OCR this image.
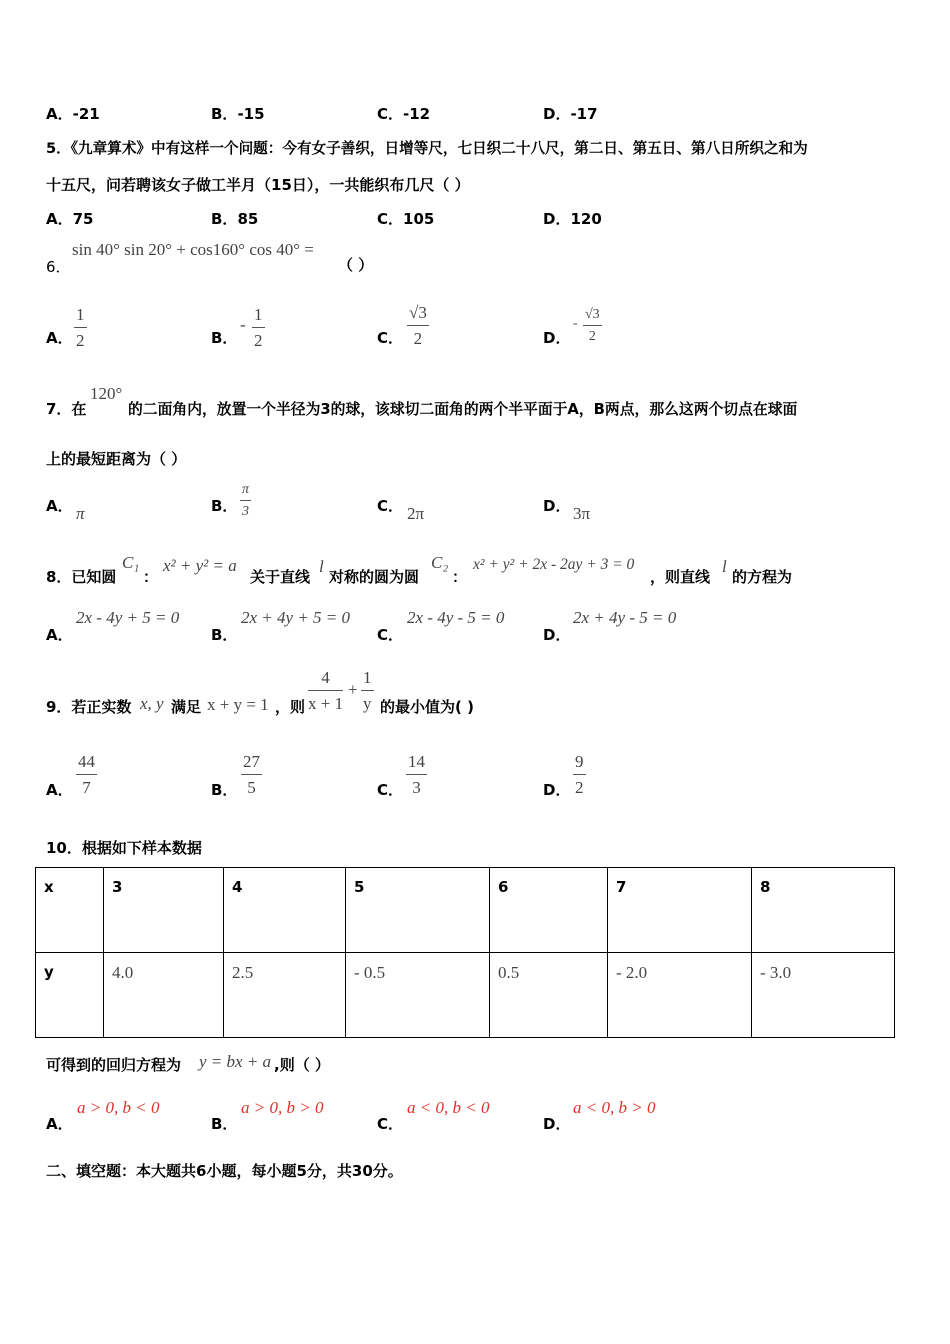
A．-21	B．-15	C．-12	D．-17
5．《九章算术》中有这样一个问题：今有女子善织，日增等尺，七日织二十八尺，第二日、第五日、第八日所织之和为
十五尺，问若聘该女子做工半月（15日），一共能织布几尺（ ）
A．75	B．85	C．105	D．120
6．
sin 40° sin 20° + cos160° cos 40° =
（ ）
A． $\frac{1}{2}$	B．
- $\frac{1}{2}$	C． $\frac{√3}{2}$	D．
- $\frac{√3}{2}$
7．在
120°
的二面角内，放置一个半径为3的球，该球切二面角的两个半平面于A，B两点，那么这两个切点在球面
上的最短距离为（ ）
A． π	B． $\frac{\pi}{3}$	C． 2π	D． 3π
8．已知圆
C₁
：
x² + y² = a
关于直线
l
对称的圆为圆
C₂
：
x² + y² + 2x - 2ay + 3 = 0
，则直线
l
的方程为
A．
2x - 4y + 5 = 0
B．
2x + 4y + 5 = 0
C．
2x - 4y - 5 = 0
D．
2x + 4y - 5 = 0
9．若正实数 x, y 满足 x + y = 1 ，则 $\frac{4}{x + 1} + \frac{1}{y}$ 的最小值为( )
A． $\frac{44}{7}$	B． $\frac{27}{5}$	C． $\frac{14}{3}$	D． $\frac{9}{2}$
10．根据如下样本数据
x	3	4	5	6	7	8
y	4.0	2.5	- 0.5	0.5	- 2.0	- 3.0
可得到的回归方程为 y = bx + a ,则（ ）
A．
a > 0, b < 0
B．
a > 0, b > 0
C．
a < 0, b < 0
D．
a < 0, b > 0
二、填空题：本大题共6小题，每小题5分，共30分。
